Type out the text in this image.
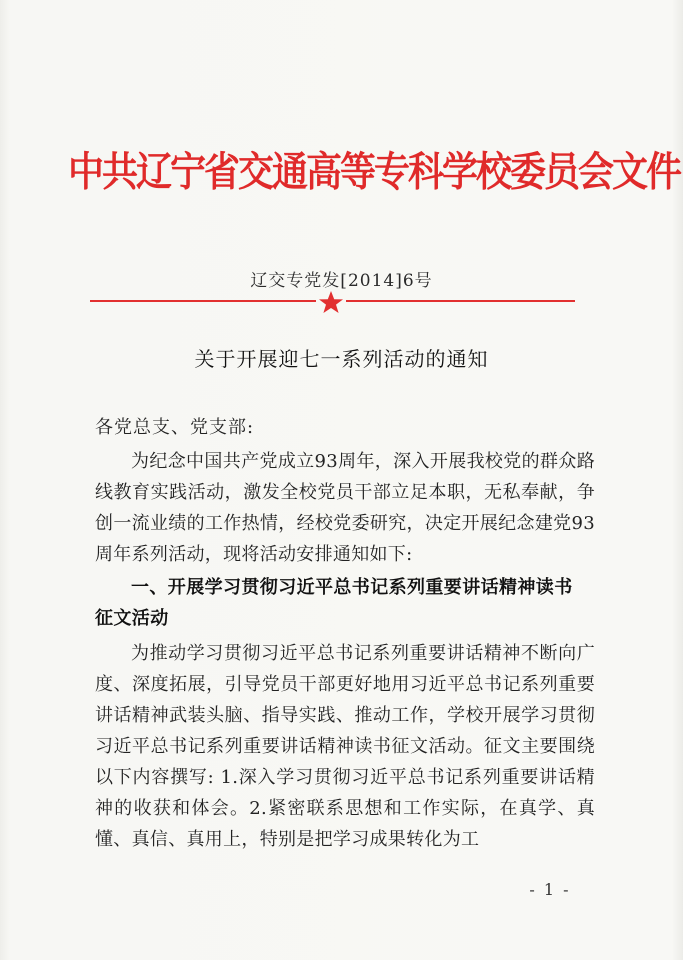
中共辽宁省交通高等专科学校委员会文件
辽交专党发[2014]6号
关于开展迎七一系列活动的通知
各党总支、党支部:
为纪念中国共产党成立93周年，深入开展我校党的群众路线教育实践活动，激发全校党员干部立足本职，无私奉献，争创一流业绩的工作热情，经校党委研究，决定开展纪念建党93周年系列活动，现将活动安排通知如下:
一、开展学习贯彻习近平总书记系列重要讲话精神读书征文活动
为推动学习贯彻习近平总书记系列重要讲话精神不断向广度、深度拓展，引导党员干部更好地用习近平总书记系列重要讲话精神武装头脑、指导实践、推动工作，学校开展学习贯彻习近平总书记系列重要讲话精神读书征文活动。征文主要围绕以下内容撰写: 1.深入学习贯彻习近平总书记系列重要讲话精神的收获和体会。2.紧密联系思想和工作实际，在真学、真懂、真信、真用上，特别是把学习成果转化为工
- 1 -
